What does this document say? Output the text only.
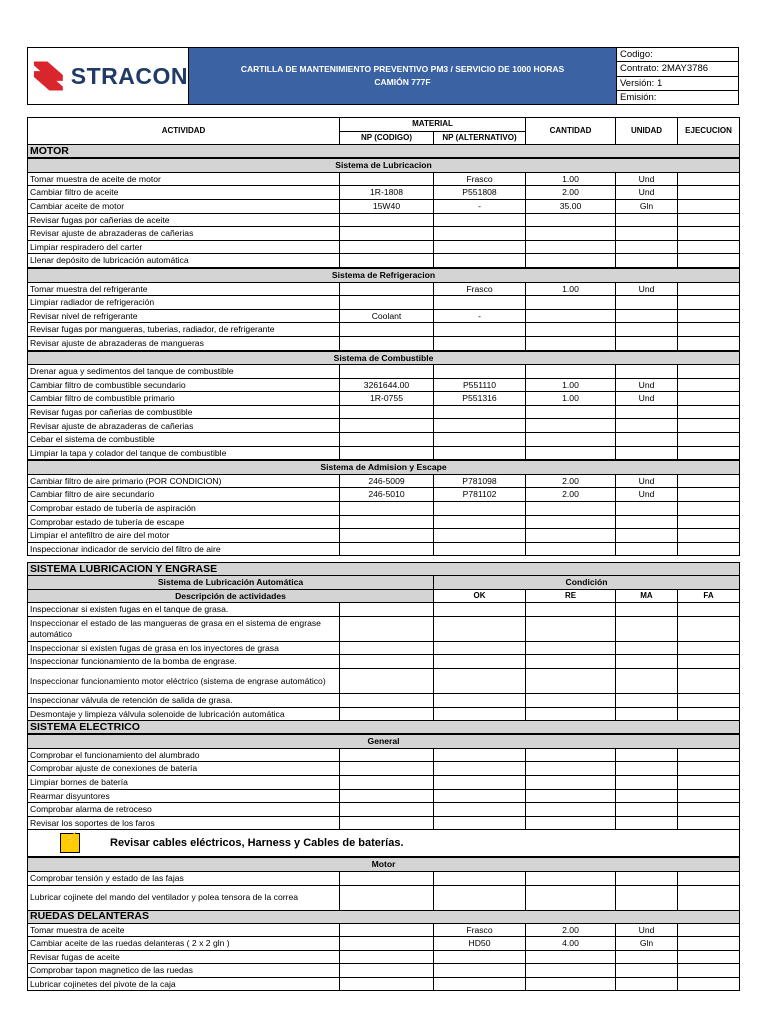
STRACON	CARTILLA DE MANTENIMIENTO PREVENTIVO PM3 / SERVICIO DE 1000 HORAS
CAMIÓN 777F
Codigo:
Contrato: 2MAY3786
Versión: 1
Emisión:
ACTIVIDAD	MATERIAL		CANTIDAD	UNIDAD	EJECUCION
	NP (CODIGO)	NP (ALTERNATIVO)			
MOTOR					
Sistema de Lubricacion					
Tomar muestra de aceite de motor		Frasco	1.00	Und	
Cambiar filtro de aceite	1R-1808	P551808	2.00	Und	
Cambiar aceite de motor	15W40	-	35.00	Gln	
Revisar fugas por cañerias de aceite					
Revisar ajuste de abrazaderas de cañerias					
Limpiar respiradero del carter					
Llenar depósito de lubricación automática					
Sistema de Refrigeracion					
Tomar muestra del refrigerante		Frasco	1.00	Und	
Limpiar radiador de refrigeración					
Revisar nivel de refrigerante	Coolant	-			
Revisar fugas por mangueras, tuberias, radiador, de refrigerante					
Revisar ajuste de abrazaderas de mangueras					
Sistema de Combustible					
Drenar agua y sedimentos del tanque de combustible					
Cambiar filtro de combustible secundario	3261644.00	P551110	1.00	Und	
Cambiar filtro de combustible primario	1R-0755	P551316	1.00	Und	
Revisar fugas por cañerias de combustible					
Revisar ajuste de abrazaderas de cañerias					
Cebar el sistema de combustible					
Limpiar la tapa y colador del tanque de combustible					
Sistema de Admision y Escape					
Cambiar filtro de aire primario (POR CONDICION)	246-5009	P781098	2.00	Und	
Cambiar filtro de aire secundario	246-5010	P781102	2.00	Und	
Comprobar estado de tubería de aspiración					
Comprobar estado de tubería de escape					
Limpiar el antefiltro de aire del motor					
Inspeccionar indicador de servicio del filtro de aire					
SISTEMA LUBRICACION Y ENGRASE					
Sistema de Lubricación Automática		Condición			
Descripción de actividades		OK	RE	MA	FA
Inspeccionar si existen fugas en el tanque de grasa.					
Inspeccionar el estado de las mangueras de grasa en el sistema de engrase automático					
Inspeccionar si existen fugas de grasa en los inyectores de grasa					
Inspeccionar funcionamiento de la bomba de engrase.					
Inspeccionar funcionamiento motor eléctrico (sistema de engrase automático)					
Inspeccionar válvula de retención de salida de grasa.					
Desmontaje y limpieza válvula solenoide de lubricación automática					
SISTEMA ELECTRICO					
General					
Comprobar el funcionamiento del alumbrado					
Comprobar ajuste de conexiones de batería					
Limpiar bornes de batería					
Rearmar disyuntores					
Comprobar alarma de retroceso					
Revisar los soportes de los faros					
⚡Revisar cables eléctricos, Harness y Cables de baterías.
Motor					
Comprobar tensión y estado de las fajas					
Lubricar cojinete del mando del ventilador y polea tensora de la correa					
RUEDAS DELANTERAS					
Tomar muestra de aceite		Frasco	2.00	Und	
Cambiar aceite de las ruedas delanteras ( 2 x 2 gln )		HD50	4.00	Gln	
Revisar fugas de aceite					
Comprobar tapon magnetico de las ruedas					
Lubricar cojinetes del pivote de la caja					
